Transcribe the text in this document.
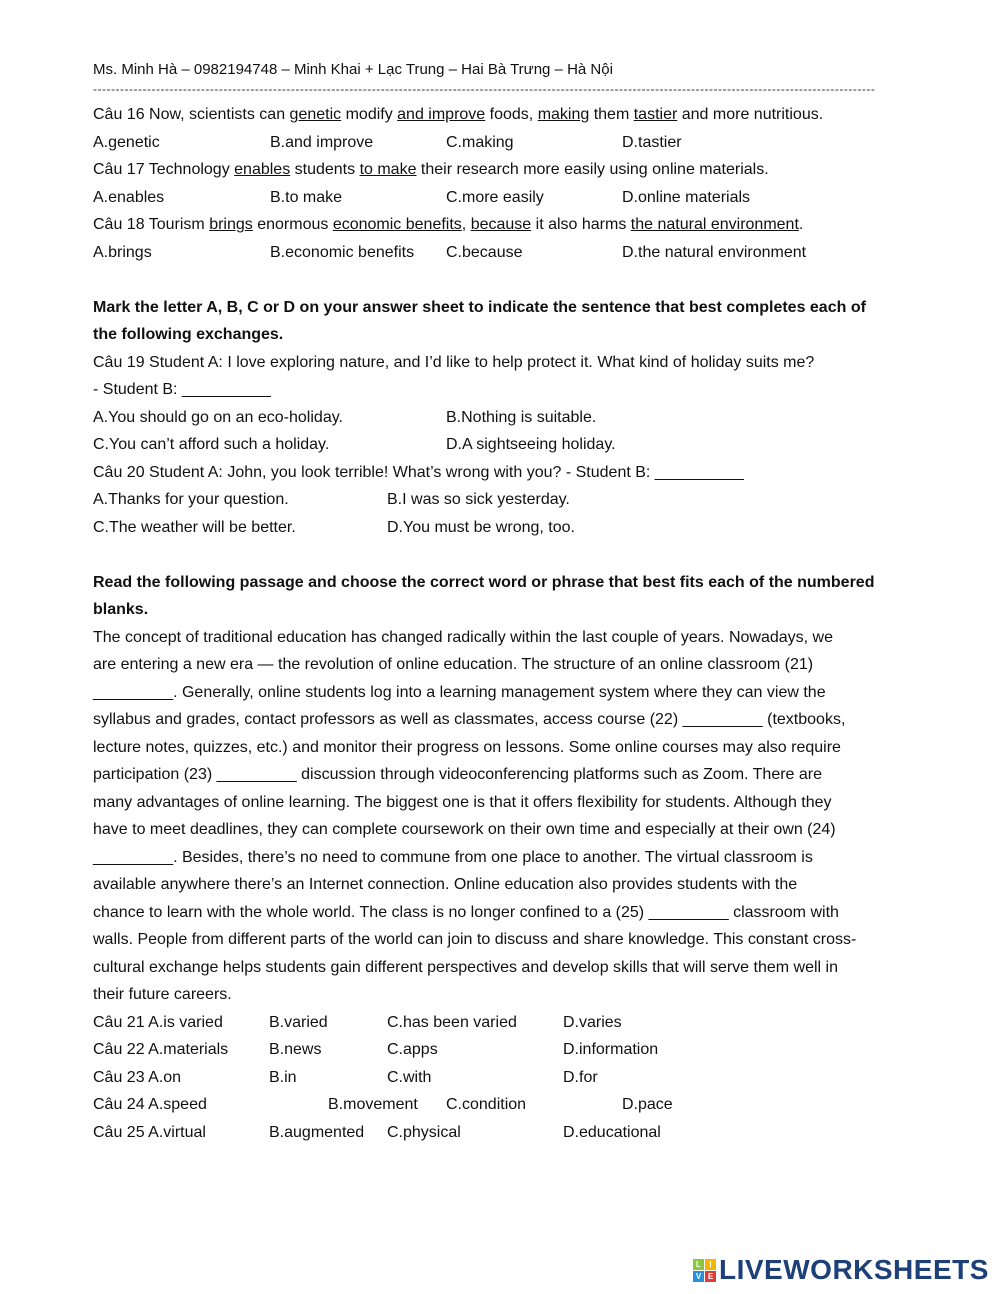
Ms. Minh Hà – 0982194748 – Minh Khai + Lạc Trung – Hai Bà Trưng – Hà Nội
------------------------------------------------------------------------------------------------------------------------------------------------------------------------------
Câu 16 Now, scientists can genetic modify and improve foods, making them tastier and more nutritious.
A.genetic	B.and improve	C.making	D.tastier
Câu 17 Technology enables students to make their research more easily using online materials.
A.enables	B.to make	C.more easily	D.online materials
Câu 18 Tourism brings enormous economic benefits, because it also harms the natural environment.
A.brings	B.economic benefits C.because	D.the natural environment
Mark the letter A, B, C or D on your answer sheet to indicate the sentence that best completes each of
the following exchanges.
Câu 19 Student A: I love exploring nature, and I’d like to help protect it. What kind of holiday suits me?
- Student B: __________
A.You should go on an eco-holiday.	B.Nothing is suitable.
C.You can’t afford such a holiday.	D.A sightseeing holiday.
Câu 20 Student A: John, you look terrible! What’s wrong with you? - Student B: __________
A.Thanks for your question.	B.I was so sick yesterday.
C.The weather will be better.	D.You must be wrong, too.
Read the following passage and choose the correct word or phrase that best fits each of the numbered
blanks.
The concept of traditional education has changed radically within the last couple of years. Nowadays, we
are entering a new era — the revolution of online education. The structure of an online classroom (21)
_________. Generally, online students log into a learning management system where they can view the
syllabus and grades, contact professors as well as classmates, access course (22) _________ (textbooks,
lecture notes, quizzes, etc.) and monitor their progress on lessons. Some online courses may also require
participation (23) _________ discussion through videoconferencing platforms such as Zoom. There are
many advantages of online learning. The biggest one is that it offers flexibility for students. Although they
have to meet deadlines, they can complete coursework on their own time and especially at their own (24)
_________. Besides, there’s no need to commune from one place to another. The virtual classroom is
available anywhere there’s an Internet connection. Online education also provides students with the
chance to learn with the whole world. The class is no longer confined to a (25) _________ classroom with
walls. People from different parts of the world can join to discuss and share knowledge. This constant cross-
cultural exchange helps students gain different perspectives and develop skills that will serve them well in
their future careers.
Câu 21 A.is varied	B.varied	C.has been varied	D.varies
Câu 22 A.materials	B.news	C.apps	D.information
Câu 23 A.on	B.in	C.with	D.for
Câu 24 A.speed	B.movement C.condition	D.pace
Câu 25 A.virtual	B.augmented C.physical	D.educational
L	I
V E LIVEWORKSHEETS
